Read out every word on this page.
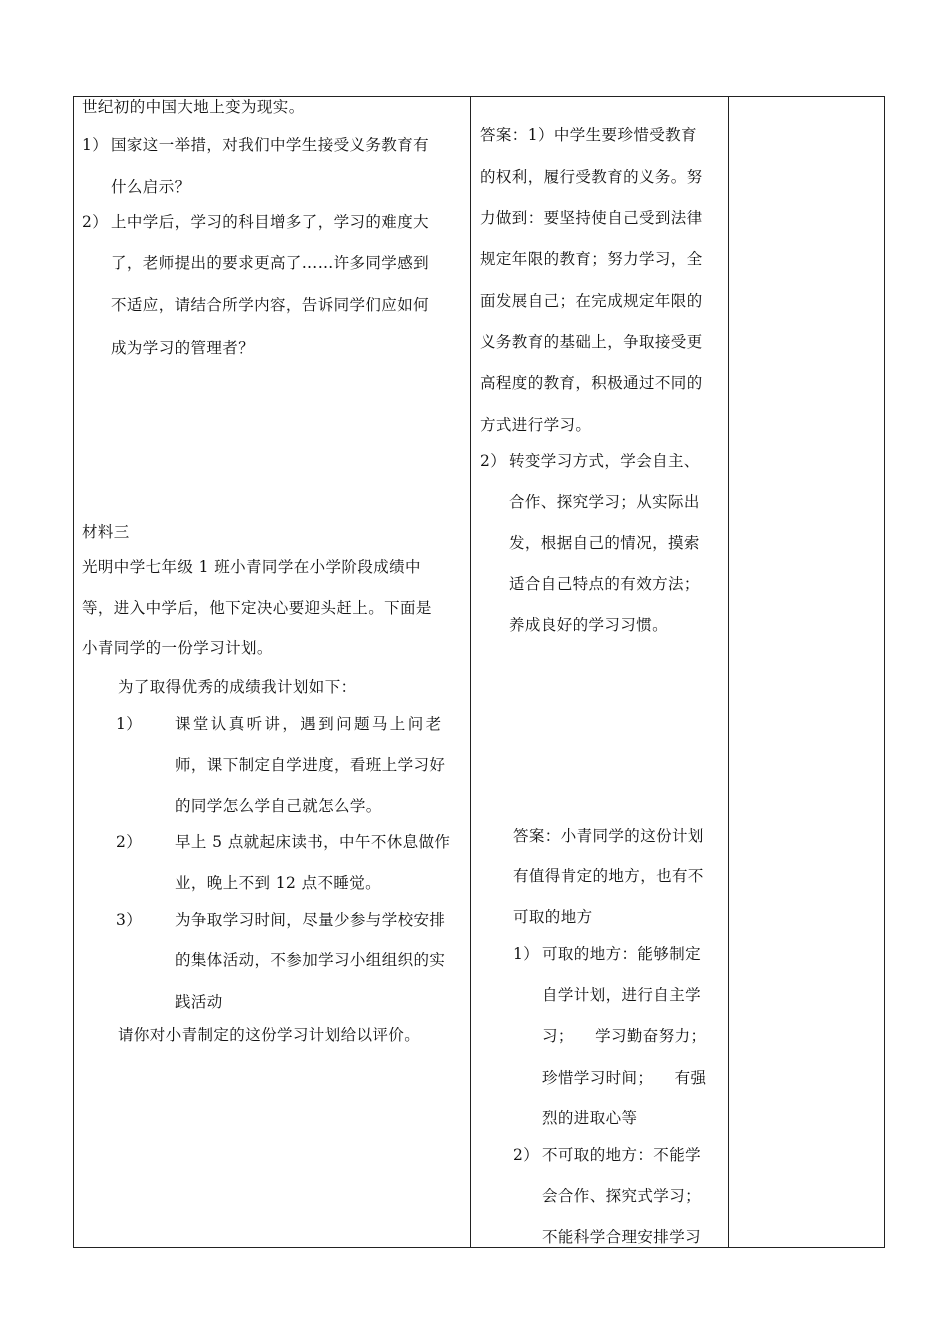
世纪初的中国大地上变为现实。
1） 国家这一举措，对我们中学生接受义务教育有
什么启示？
2） 上中学后，学习的科目增多了，学习的难度大
了，老师提出的要求更高了……许多同学感到
不适应，请结合所学内容，告诉同学们应如何
成为学习的管理者？
材料三
光明中学七年级 1 班小青同学在小学阶段成绩中
等，进入中学后，他下定决心要迎头赶上。下面是
小青同学的一份学习计划。
为了取得优秀的成绩我计划如下：
1） 课堂认真听讲，遇到问题马上问老
师，课下制定自学进度，看班上学习好
的同学怎么学自己就怎么学。
2） 早上 5 点就起床读书，中午不休息做作
业，晚上不到 12 点不睡觉。
3） 为争取学习时间，尽量少参与学校安排
的集体活动，不参加学习小组组织的实
践活动
请你对小青制定的这份学习计划给以评价。
答案：1）中学生要珍惜受教育
的权利，履行受教育的义务。努
力做到：要坚持使自己受到法律
规定年限的教育；努力学习，全
面发展自己；在完成规定年限的
义务教育的基础上，争取接受更
高程度的教育，积极通过不同的
方式进行学习。
2） 转变学习方式，学会自主、
合作、探究学习；从实际出
发，根据自己的情况，摸索
适合自己特点的有效方法；
养成良好的学习习惯。
答案：小青同学的这份计划
有值得肯定的地方，也有不
可取的地方
1） 可取的地方：能够制定
自学计划，进行自主学
习；    学习勤奋努力；
珍惜学习时间；    有强
烈的进取心等
2） 不可取的地方：不能学
会合作、探究式学习；
不能科学合理安排学习
